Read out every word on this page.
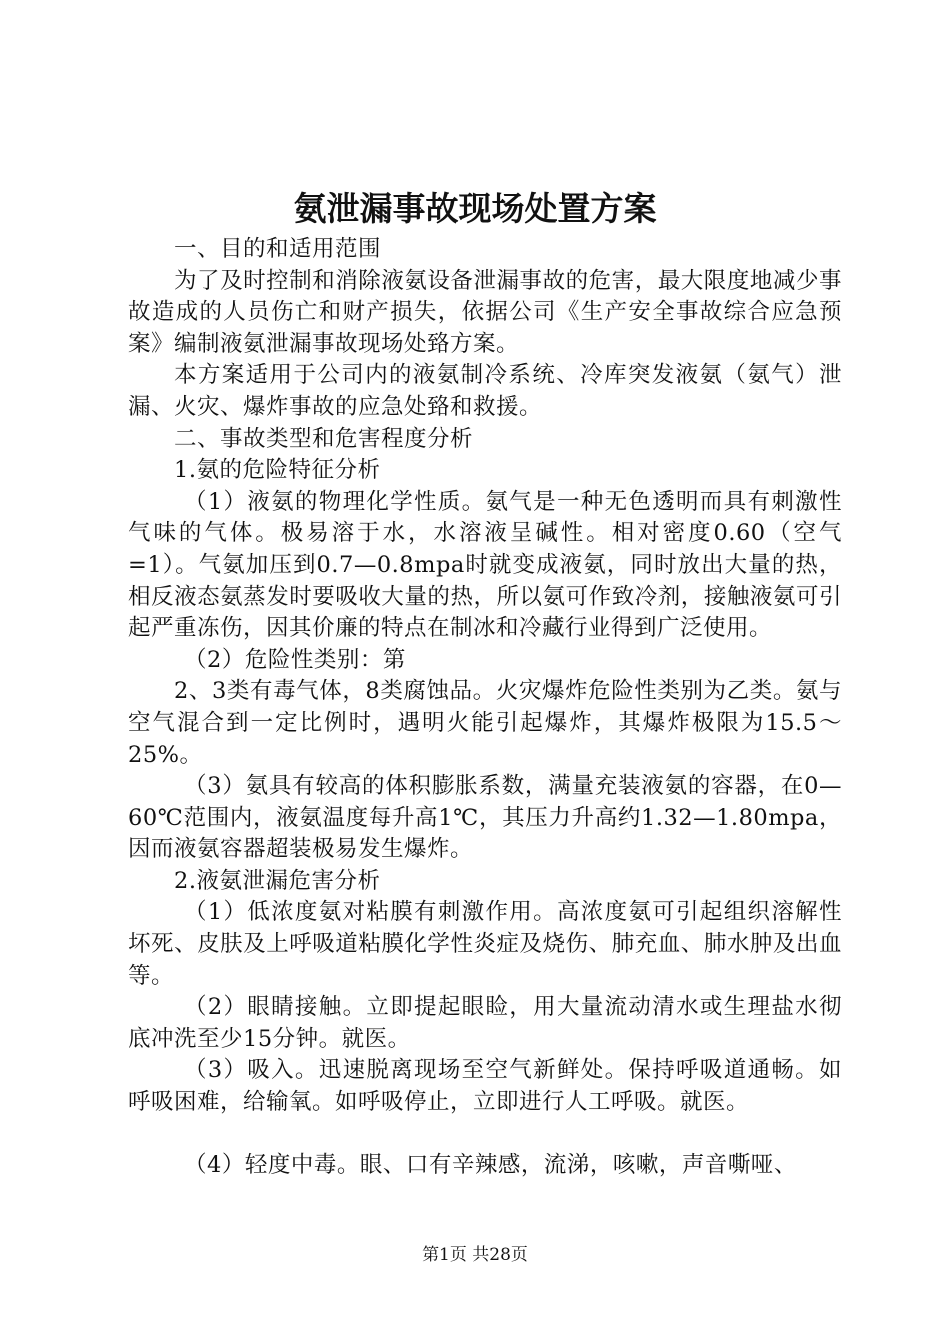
氨泄漏事故现场处置方案

一、目的和适用范围

为了及时控制和消除液氨设备泄漏事故的危害，最大限度地减少事故造成的人员伤亡和财产损失，依据公司《生产安全事故综合应急预案》编制液氨泄漏事故现场处臵方案。

本方案适用于公司内的液氨制冷系统、冷库突发液氨（氨气）泄漏、火灾、爆炸事故的应急处臵和救援。

二、事故类型和危害程度分析

1.氨的危险特征分析

（1）液氨的物理化学性质。氨气是一种无色透明而具有刺激性气味的气体。极易溶于水，水溶液呈碱性。相对密度0.60（空气=1）。气氨加压到0.7—0.8mpa时就变成液氨，同时放出大量的热，相反液态氨蒸发时要吸收大量的热，所以氨可作致冷剂，接触液氨可引起严重冻伤，因其价廉的特点在制冰和冷藏行业得到广泛使用。

（2）危险性类别：第

2、3类有毒气体，8类腐蚀品。火灾爆炸危险性类别为乙类。氨与空气混合到一定比例时，遇明火能引起爆炸，其爆炸极限为15.5～25%。

（3）氨具有较高的体积膨胀系数，满量充装液氨的容器，在0—60℃范围内，液氨温度每升高1℃，其压力升高约1.32—1.80mpa，因而液氨容器超装极易发生爆炸。

2.液氨泄漏危害分析

（1）低浓度氨对粘膜有刺激作用。高浓度氨可引起组织溶解性坏死、皮肤及上呼吸道粘膜化学性炎症及烧伤、肺充血、肺水肿及出血等。

（2）眼睛接触。立即提起眼睑，用大量流动清水或生理盐水彻底冲洗至少15分钟。就医。

（3）吸入。迅速脱离现场至空气新鲜处。保持呼吸道通畅。如呼吸困难，给输氧。如呼吸停止，立即进行人工呼吸。就医。

（4）轻度中毒。眼、口有辛辣感，流涕，咳嗽，声音嘶哑、

第1页 共28页
